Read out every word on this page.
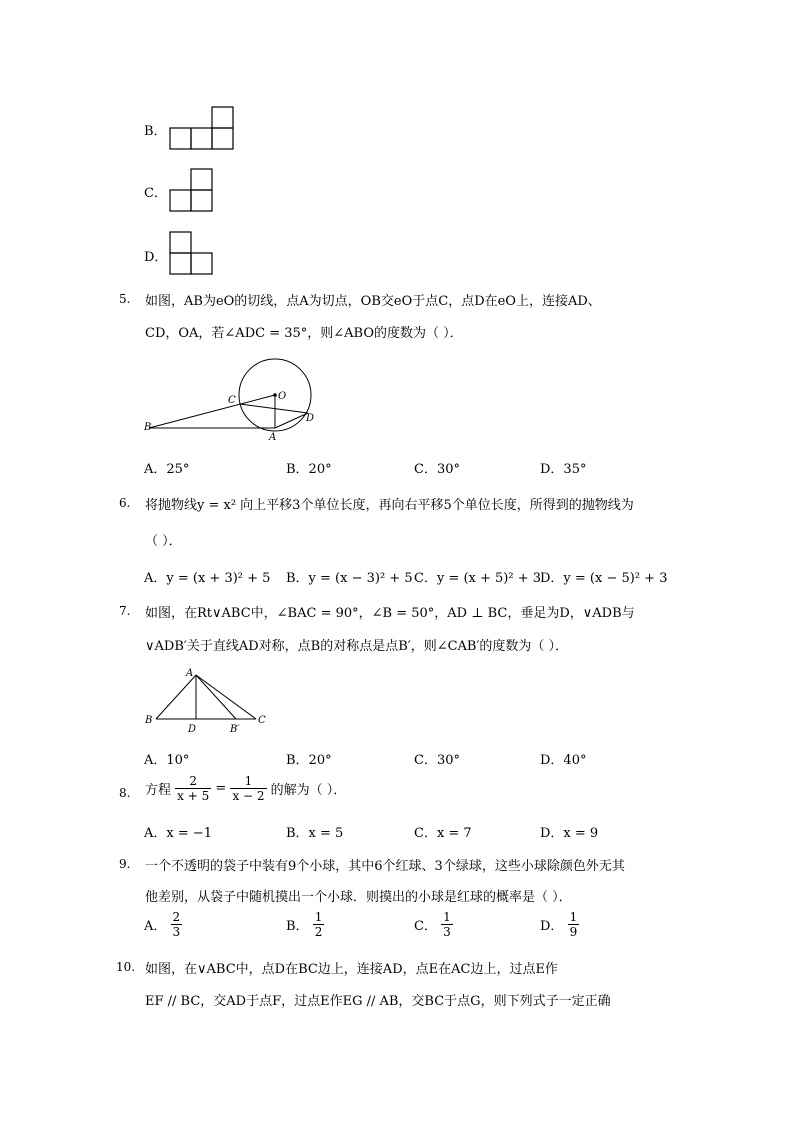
B．
C．
D．
5. 如图，AB为eO的切线，点A为切点，OB交eO于点C，点D在eO上，连接AD、
CD，OA，若∠ADC = 35°，则∠ABO的度数为（ ）．
O
C
D
B
A
A．25°	B．20°	C．30°	D．35°
6. 将抛物线y = x² 向上平移3个单位长度，再向右平移5个单位长度，所得到的抛物线为
（ ）．
A．y = (x + 3)² + 5 B．y = (x − 3)² + 5 C．y = (x + 5)² + 3 D．y = (x − 5)² + 3
7. 如图，在Rt∨ABC中，∠BAC = 90°，∠B = 50°，AD ⊥ BC，垂足为D，∨ADB与
∨ADB′关于直线AD对称，点B的对称点是点B′，则∠CAB′的度数为（ ）．
A
B
D	B′
C
A．10°	B．20°	C．30°	D．40°
8. 方程 $\frac{2}{x + 5} = \frac{1}{x - 2}$ 的解为（ ）．
A．x = −1	B．x = 5	C．x = 7	D．x = 9
9. 一个不透明的袋子中装有9个小球，其中6个红球、3个绿球，这些小球除颜色外无其
他差别，从袋子中随机摸出一个小球．则摸出的小球是红球的概率是（ ）．
A． $\frac{2}{3}$	B． $\frac{1}{2}$	C． $\frac{1}{3}$	D． $\frac{1}{9}$
10. 如图，在∨ABC中，点D在BC边上，连接AD，点E在AC边上，过点E作
EF // BC，交AD于点F，过点E作EG // AB，交BC于点G，则下列式子一定正确
